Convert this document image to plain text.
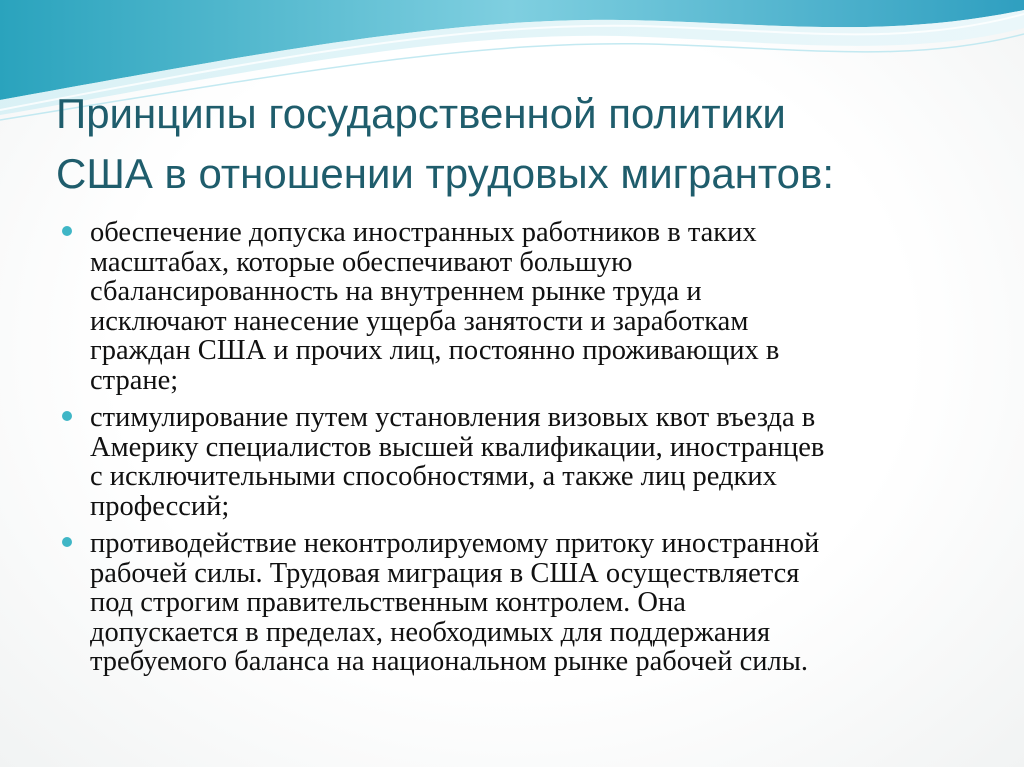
Принципы государственной политики
США в отношении трудовых мигрантов:
обеспечение допуска иностранных работников в таких
масштабах, которые обеспечивают большую
сбалансированность на внутреннем рынке труда и
исключают нанесение ущерба занятости и заработкам
граждан США и прочих лиц, постоянно проживающих в
стране;
стимулирование путем установления визовых квот въезда в
Америку специалистов высшей квалификации, иностранцев
с исключительными способностями, а также лиц редких
профессий;
противодействие неконтролируемому притоку иностранной
рабочей силы. Трудовая миграция в США осуществляется
под строгим правительственным контролем. Она
допускается в пределах, необходимых для поддержания
требуемого баланса на национальном рынке рабочей силы.
